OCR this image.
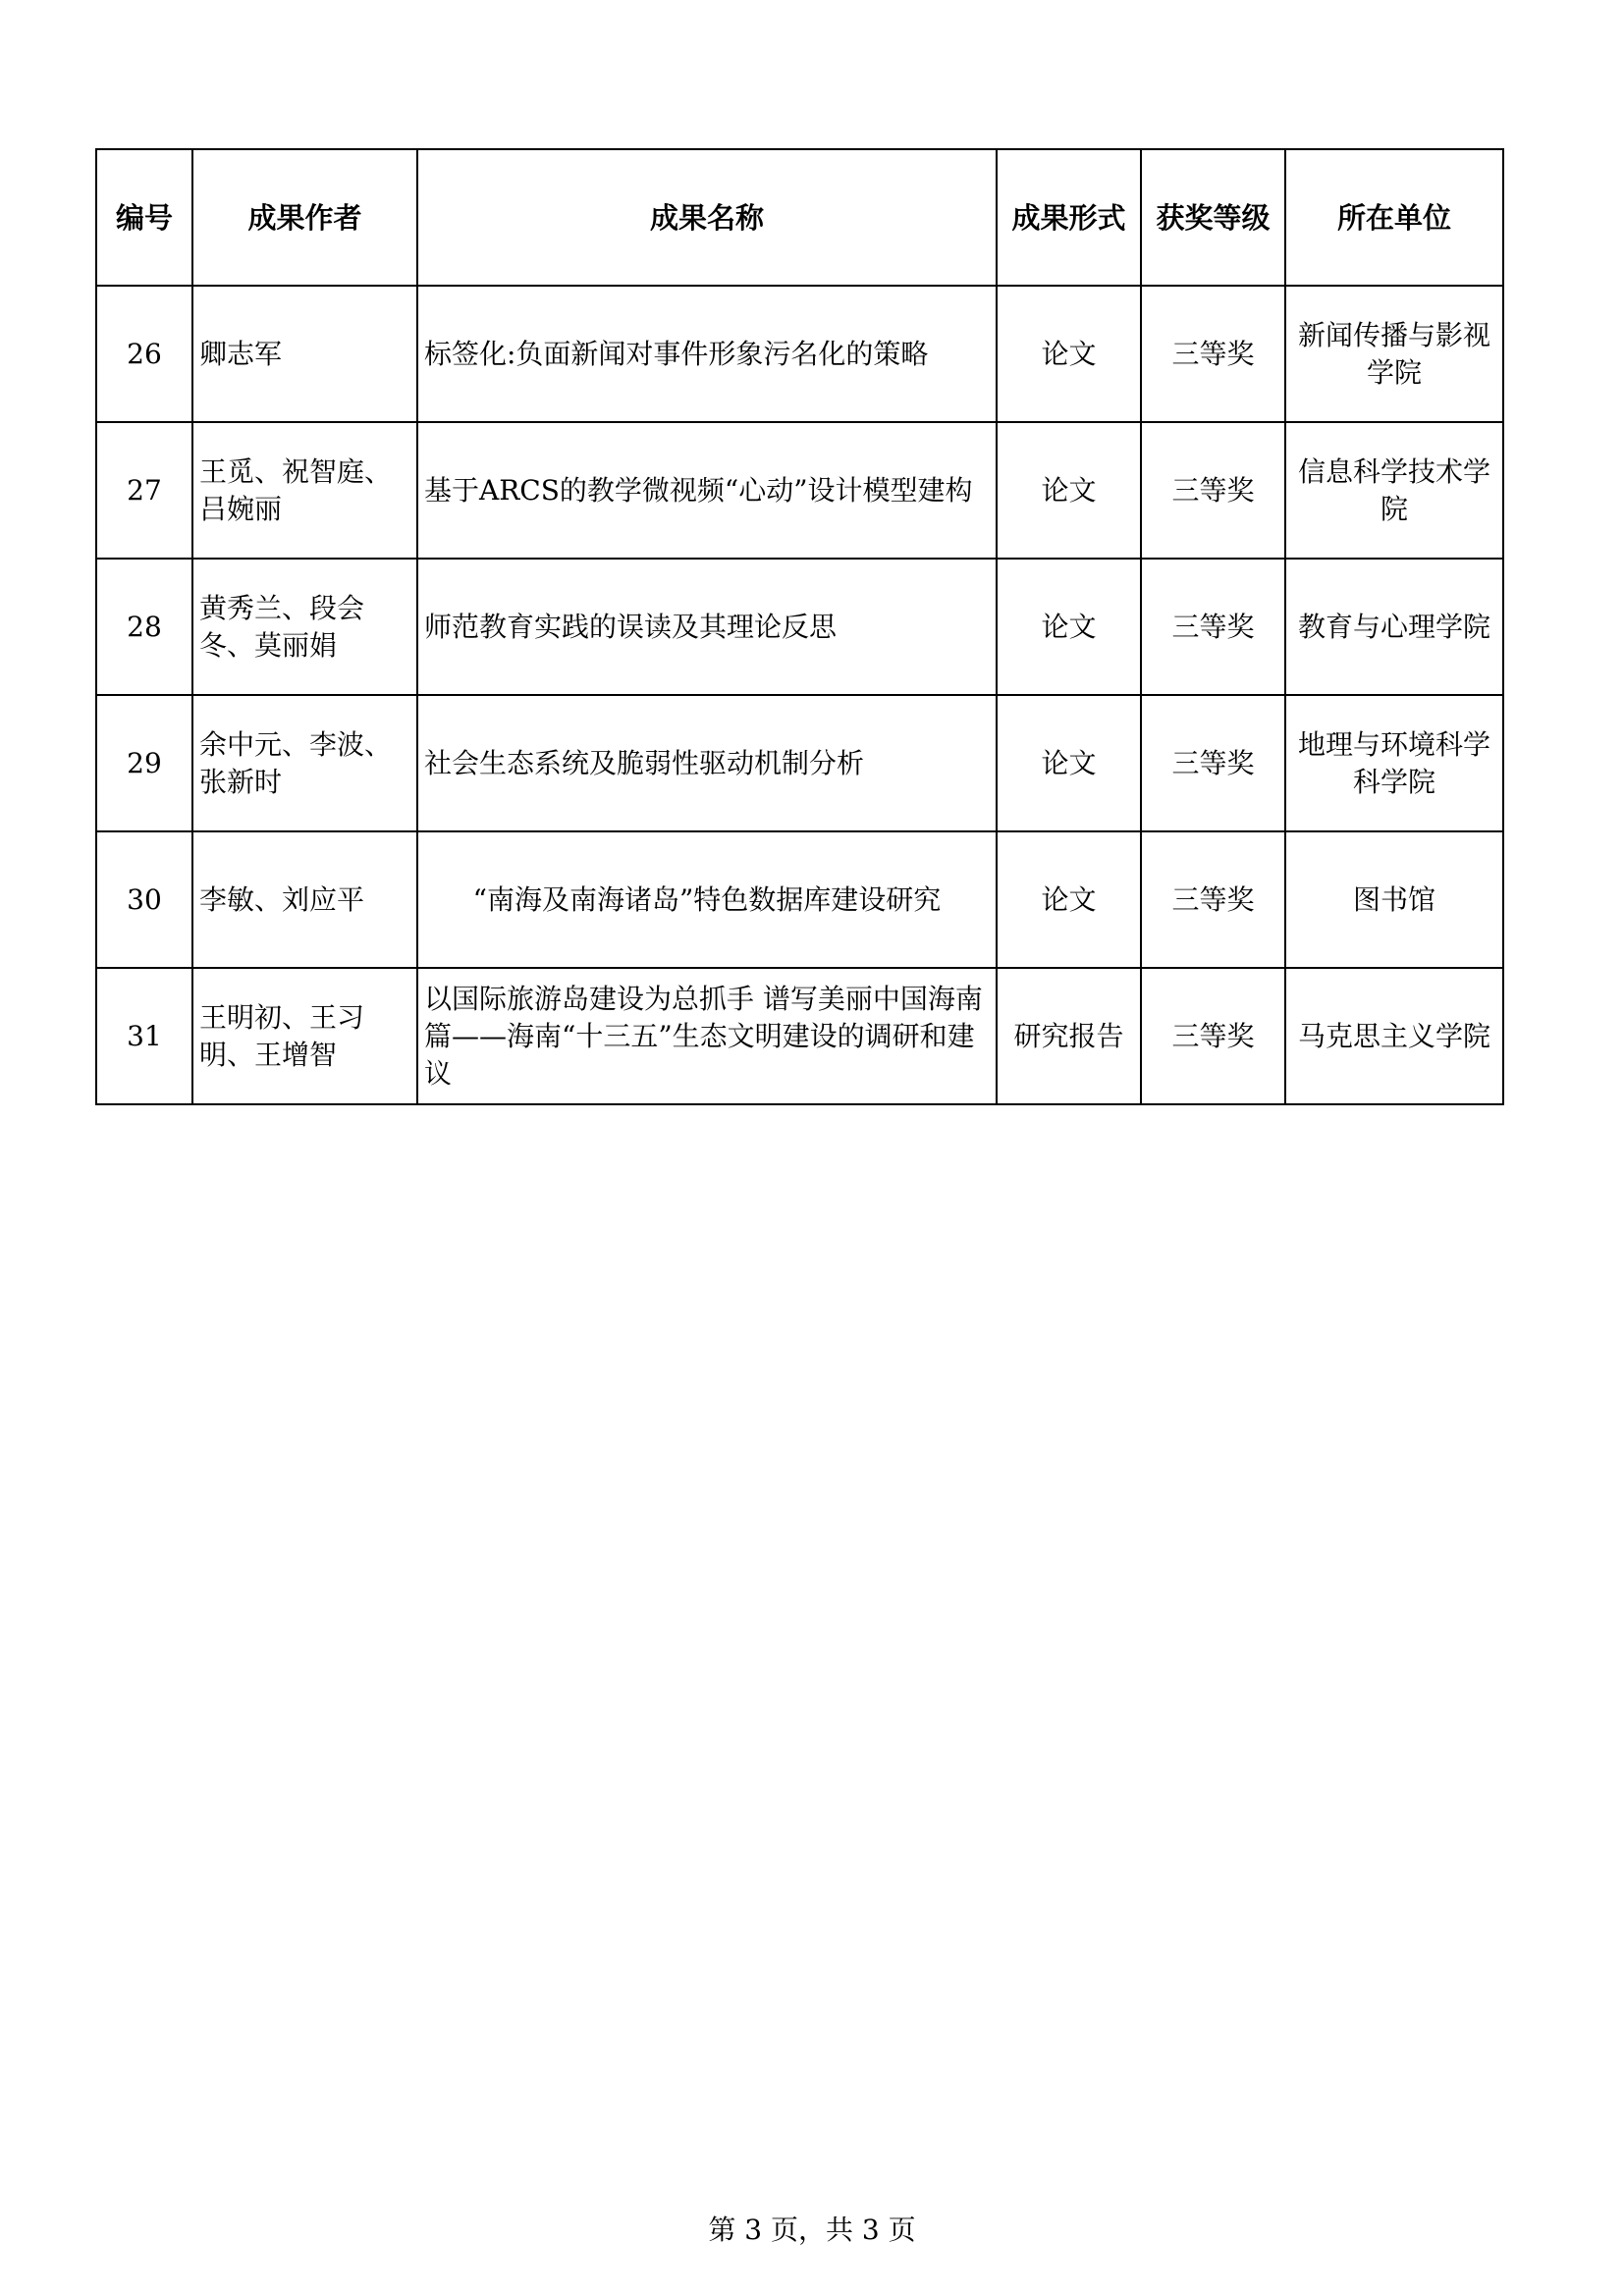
编号	成果作者	成果名称	成果形式	获奖等级	所在单位
26	卿志军	标签化:负面新闻对事件形象污名化的策略	论文	三等奖	新闻传播与影视学院
27	王觅、祝智庭、吕婉丽	基于ARCS的教学微视频“心动”设计模型建构	论文	三等奖	信息科学技术学院
28	黄秀兰、段会冬、莫丽娟	师范教育实践的误读及其理论反思	论文	三等奖	教育与心理学院
29	余中元、李波、张新时	社会生态系统及脆弱性驱动机制分析	论文	三等奖	地理与环境科学科学院
30	李敏、刘应平	“南海及南海诸岛”特色数据库建设研究	论文	三等奖	图书馆
31	王明初、王习明、王增智	以国际旅游岛建设为总抓手 谱写美丽中国海南篇——海南“十三五”生态文明建设的调研和建议	研究报告	三等奖	马克思主义学院
第 3 页，共 3 页
